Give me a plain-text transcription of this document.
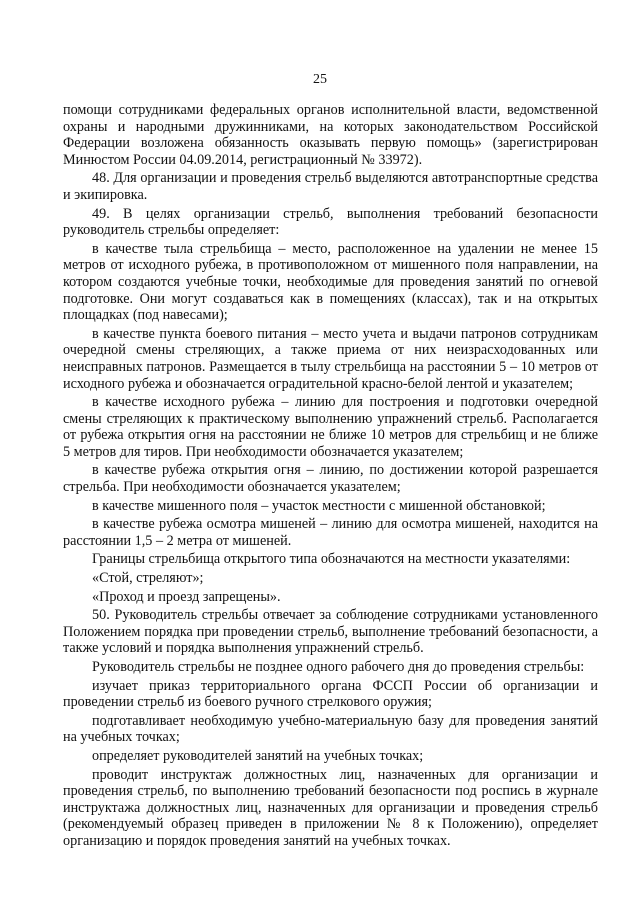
25

помощи сотрудниками федеральных органов исполнительной власти, ведомственной охраны и народными дружинниками, на которых законодательством Российской Федерации возложена обязанность оказывать первую помощь» (зарегистрирован Минюстом России 04.09.2014, регистрационный № 33972).

48. Для организации и проведения стрельб выделяются автотранспортные средства и экипировка.

49. В целях организации стрельб, выполнения требований безопасности руководитель стрельбы определяет:

в качестве тыла стрельбища – место, расположенное на удалении не менее 15 метров от исходного рубежа, в противоположном от мишенного поля направлении, на котором создаются учебные точки, необходимые для проведения занятий по огневой подготовке. Они могут создаваться как в помещениях (классах), так и на открытых площадках (под навесами);

в качестве пункта боевого питания – место учета и выдачи патронов сотрудникам очередной смены стреляющих, а также приема от них неизрасходованных или неисправных патронов. Размещается в тылу стрельбища на расстоянии 5 – 10 метров от исходного рубежа и обозначается оградительной красно-белой лентой и указателем;

в качестве исходного рубежа – линию для построения и подготовки очередной смены стреляющих к практическому выполнению упражнений стрельб. Располагается от рубежа открытия огня на расстоянии не ближе 10 метров для стрельбищ и не ближе 5 метров для тиров. При необходимости обозначается указателем;

в качестве рубежа открытия огня – линию, по достижении которой разрешается стрельба. При необходимости обозначается указателем;

в качестве мишенного поля – участок местности с мишенной обстановкой;

в качестве рубежа осмотра мишеней – линию для осмотра мишеней, находится на расстоянии 1,5 – 2 метра от мишеней.

Границы стрельбища открытого типа обозначаются на местности указателями:

«Стой, стреляют»;

«Проход и проезд запрещены».

50. Руководитель стрельбы отвечает за соблюдение сотрудниками установленного Положением порядка при проведении стрельб, выполнение требований безопасности, а также условий и порядка выполнения упражнений стрельб.

Руководитель стрельбы не позднее одного рабочего дня до проведения стрельбы:

изучает приказ территориального органа ФССП России об организации и проведении стрельб из боевого ручного стрелкового оружия;

подготавливает необходимую учебно-материальную базу для проведения занятий на учебных точках;

определяет руководителей занятий на учебных точках;

проводит инструктаж должностных лиц, назначенных для организации и проведения стрельб, по выполнению требований безопасности под роспись в журнале инструктажа должностных лиц, назначенных для организации и проведения стрельб (рекомендуемый образец приведен в приложении № 8 к Положению), определяет организацию и порядок проведения занятий на учебных точках.
